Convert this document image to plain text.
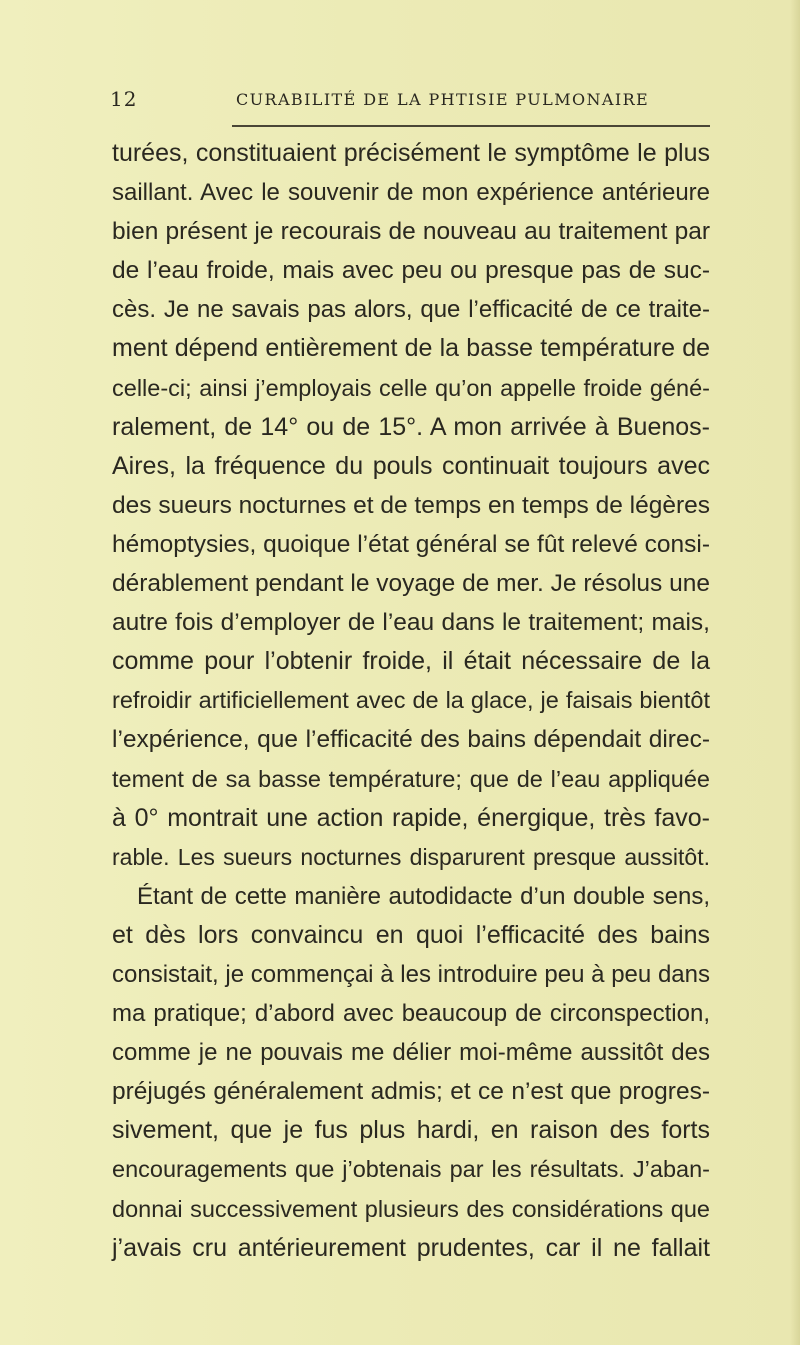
12	CURABILITÉ DE LA PHTISIE PULMONAIRE
turées, constituaient précisément le symptôme le plus
saillant. Avec le souvenir de mon expérience antérieure
bien présent je recourais de nouveau au traitement par
de l’eau froide, mais avec peu ou presque pas de suc-
cès. Je ne savais pas alors, que l’efficacité de ce traite-
ment dépend entièrement de la basse température de
celle-ci; ainsi j’employais celle qu’on appelle froide géné-
ralement, de 14° ou de 15°. A mon arrivée à Buenos-
Aires, la fréquence du pouls continuait toujours avec
des sueurs nocturnes et de temps en temps de légères
hémoptysies, quoique l’état général se fût relevé consi-
dérablement pendant le voyage de mer. Je résolus une
autre fois d’employer de l’eau dans le traitement; mais,
comme pour l’obtenir froide, il était nécessaire de la
refroidir artificiellement avec de la glace, je faisais bientôt
l’expérience, que l’efficacité des bains dépendait direc-
tement de sa basse température; que de l’eau appliquée
à 0° montrait une action rapide, énergique, très favo-
rable. Les sueurs nocturnes disparurent presque aussitôt.
Étant de cette manière autodidacte d’un double sens,
et dès lors convaincu en quoi l’efficacité des bains
consistait, je commençai à les introduire peu à peu dans
ma pratique; d’abord avec beaucoup de circonspection,
comme je ne pouvais me délier moi-même aussitôt des
préjugés généralement admis; et ce n’est que progres-
sivement, que je fus plus hardi, en raison des forts
encouragements que j’obtenais par les résultats. J’aban-
donnai successivement plusieurs des considérations que
j’avais cru antérieurement prudentes, car il ne fallait
